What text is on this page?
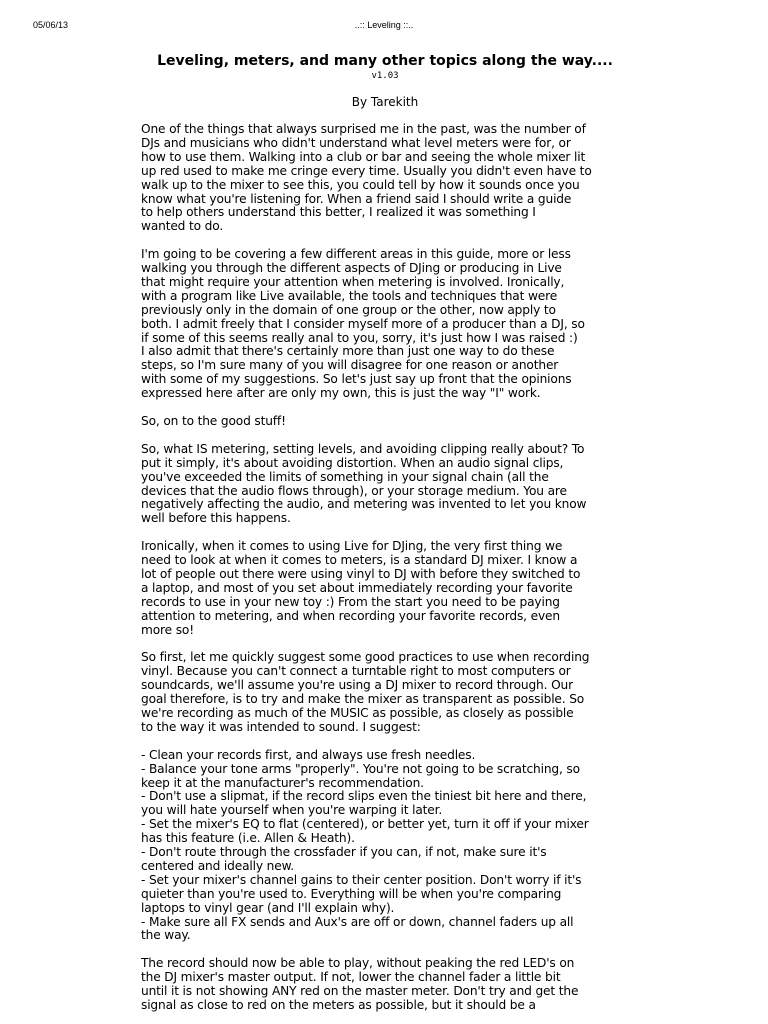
05/06/13	..:: Leveling ::..
Leveling, meters, and many other topics along the way....
v1.03
By Tarekith

One of the things that always surprised me in the past, was the number of
DJs and musicians who didn't understand what level meters were for, or
how to use them. Walking into a club or bar and seeing the whole mixer lit
up red used to make me cringe every time. Usually you didn't even have to
walk up to the mixer to see this, you could tell by how it sounds once you
know what you're listening for. When a friend said I should write a guide
to help others understand this better, I realized it was something I
wanted to do.

I'm going to be covering a few different areas in this guide, more or less
walking you through the different aspects of DJing or producing in Live
that might require your attention when metering is involved. Ironically,
with a program like Live available, the tools and techniques that were
previously only in the domain of one group or the other, now apply to
both. I admit freely that I consider myself more of a producer than a DJ, so
if some of this seems really anal to you, sorry, it's just how I was raised :)
I also admit that there's certainly more than just one way to do these
steps, so I'm sure many of you will disagree for one reason or another
with some of my suggestions. So let's just say up front that the opinions
expressed here after are only my own, this is just the way "I" work.

So, on to the good stuff!

So, what IS metering, setting levels, and avoiding clipping really about? To
put it simply, it's about avoiding distortion. When an audio signal clips,
you've exceeded the limits of something in your signal chain (all the
devices that the audio flows through), or your storage medium. You are
negatively affecting the audio, and metering was invented to let you know
well before this happens.

Ironically, when it comes to using Live for DJing, the very first thing we
need to look at when it comes to meters, is a standard DJ mixer. I know a
lot of people out there were using vinyl to DJ with before they switched to
a laptop, and most of you set about immediately recording your favorite
records to use in your new toy :) From the start you need to be paying
attention to metering, and when recording your favorite records, even
more so!

So first, let me quickly suggest some good practices to use when recording
vinyl. Because you can't connect a turntable right to most computers or
soundcards, we'll assume you're using a DJ mixer to record through. Our
goal therefore, is to try and make the mixer as transparent as possible. So
we're recording as much of the MUSIC as possible, as closely as possible
to the way it was intended to sound. I suggest:

- Clean your records first, and always use fresh needles.
- Balance your tone arms "properly". You're not going to be scratching, so
keep it at the manufacturer's recommendation.
- Don't use a slipmat, if the record slips even the tiniest bit here and there,
you will hate yourself when you're warping it later.
- Set the mixer's EQ to flat (centered), or better yet, turn it off if your mixer
has this feature (i.e. Allen & Heath).
- Don't route through the crossfader if you can, if not, make sure it's
centered and ideally new.
- Set your mixer's channel gains to their center position. Don't worry if it's
quieter than you're used to. Everything will be when you're comparing
laptops to vinyl gear (and I'll explain why).
- Make sure all FX sends and Aux's are off or down, channel faders up all
the way.

The record should now be able to play, without peaking the red LED's on
the DJ mixer's master output. If not, lower the channel fader a little bit
until it is not showing ANY red on the master meter. Don't try and get the
signal as close to red on the meters as possible, but it should be a
